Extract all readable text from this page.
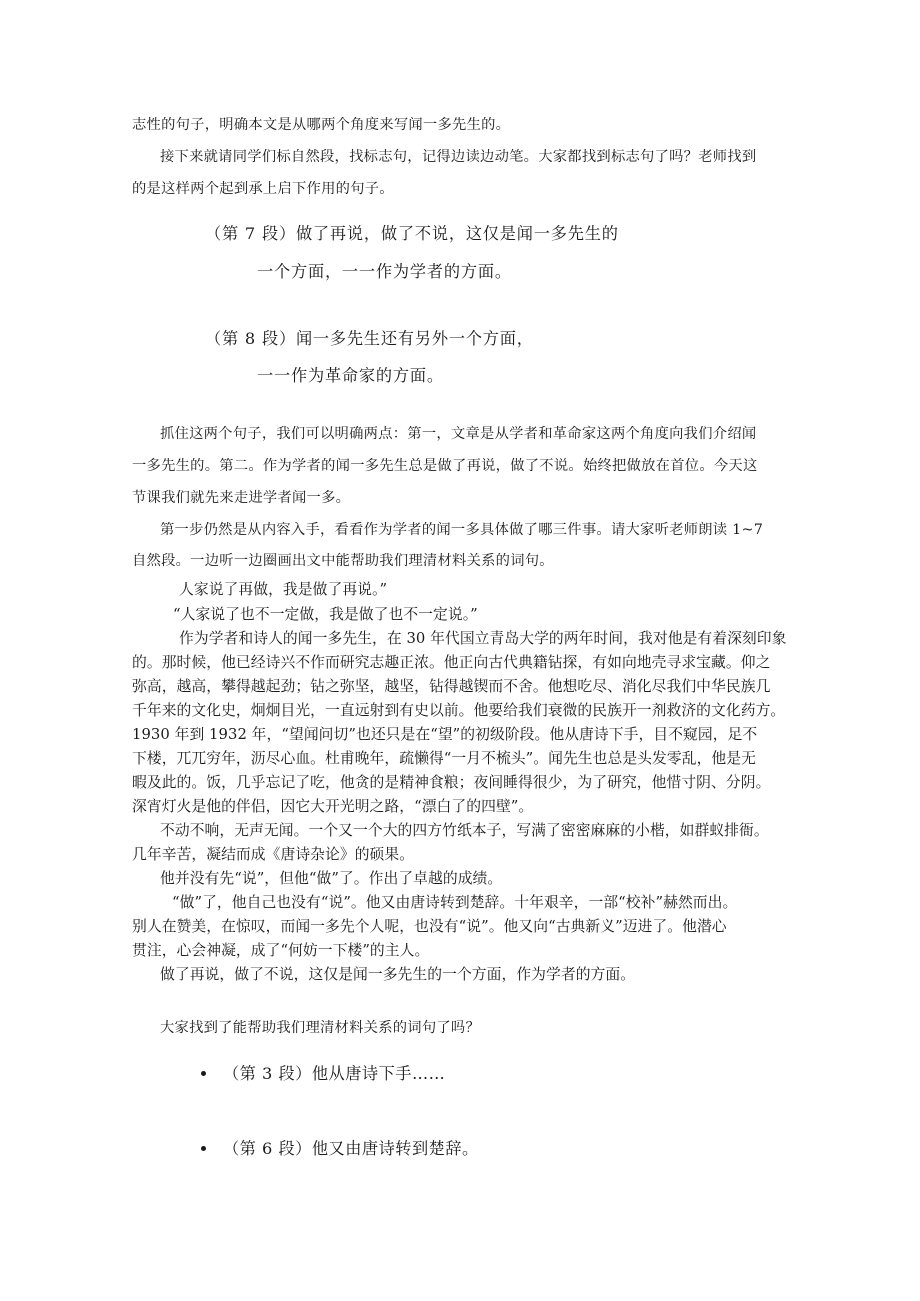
志性的句子，明确本文是从哪两个角度来写闻一多先生的。
接下来就请同学们标自然段，找标志句，记得边读边动笔。大家都找到标志句了吗？老师找到
的是这样两个起到承上启下作用的句子。
（第 7 段）做了再说，做了不说，这仅是闻一多先生的
一个方面，一一作为学者的方面。
（第 8 段）闻一多先生还有另外一个方面，
一一作为革命家的方面。
抓住这两个句子，我们可以明确两点：第一，文章是从学者和革命家这两个角度向我们介绍闻
一多先生的。第二。作为学者的闻一多先生总是做了再说，做了不说。始终把做放在首位。今天这
节课我们就先来走进学者闻一多。
第一步仍然是从内容入手，看看作为学者的闻一多具体做了哪三件事。请大家听老师朗读 1~7
自然段。一边听一边圈画出文中能帮助我们理清材料关系的词句。
人家说了再做，我是做了再说。”
“人家说了也不一定做，我是做了也不一定说。”
作为学者和诗人的闻一多先生，在 30 年代国立青岛大学的两年时间，我对他是有着深刻印象
的。那时候，他已经诗兴不作而研究志趣正浓。他正向古代典籍钻探，有如向地壳寻求宝藏。仰之
弥高，越高，攀得越起劲；钻之弥坚，越坚，钻得越锲而不舍。他想吃尽、消化尽我们中华民族几
千年来的文化史，炯炯目光，一直远射到有史以前。他要给我们衰微的民族开一剂救济的文化药方。
1930 年到 1932 年，“望闻问切”也还只是在“望”的初级阶段。他从唐诗下手，目不窥园，足不
下楼，兀兀穷年，沥尽心血。杜甫晚年，疏懒得“一月不梳头”。闻先生也总是头发零乱，他是无
暇及此的。饭，几乎忘记了吃，他贪的是精神食粮；夜间睡得很少，为了研究，他惜寸阴、分阴。
深宵灯火是他的伴侣，因它大开光明之路，“漂白了的四壁”。
不动不响，无声无闻。一个又一个大的四方竹纸本子，写满了密密麻麻的小楷，如群蚁排衙。
几年辛苦，凝结而成《唐诗杂论》的硕果。
他并没有先“说”，但他“做”了。作出了卓越的成绩。
“做”了，他自己也没有“说”。他又由唐诗转到楚辞。十年艰辛，一部“校补”赫然而出。
别人在赞美，在惊叹，而闻一多先个人呢，也没有“说”。他又向“古典新义”迈进了。他潜心
贯注，心会神凝，成了“何妨一下楼”的主人。
做了再说，做了不说，这仅是闻一多先生的一个方面，作为学者的方面。
大家找到了能帮助我们理清材料关系的词句了吗？
（第 3 段）他从唐诗下手……
（第 6 段）他又由唐诗转到楚辞。
